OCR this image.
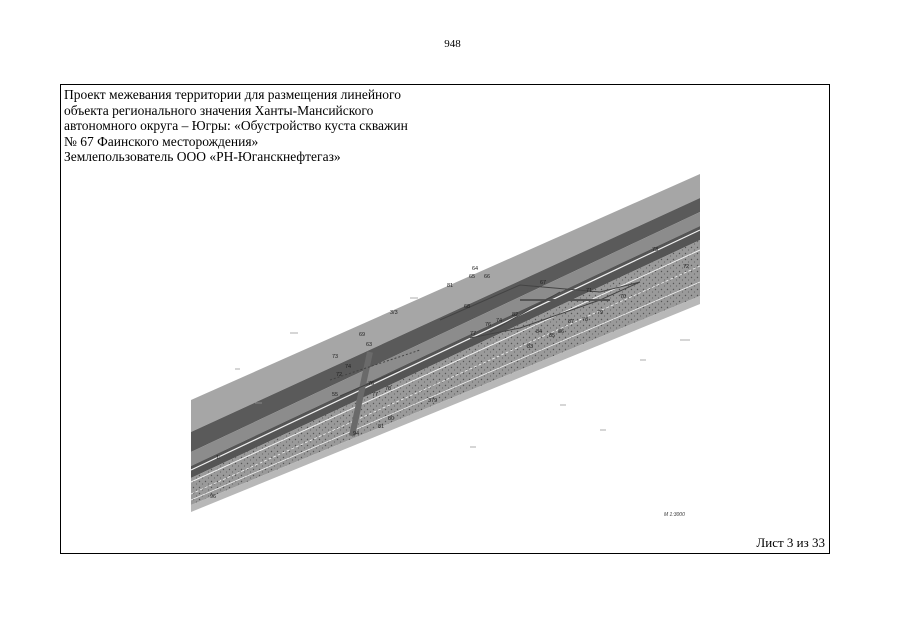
948
Проект межевания территории для размещения линейного
объекта регионального значения Ханты-Мансийского
автономного округа – Югры: «Обустройство куста скважин
№ 67 Фаинского месторождения»
Землепользователь ООО «РН-Юганскнефтегаз»
Лист 3 из 33
64
65 66
67
81
68
71
70
72
73
79
78
87
86
85
84
83
82
74
76
77
69
63
74
73
72
76
77
78
55
80
81
94
379
3/3
96
1:
М 1:3000
